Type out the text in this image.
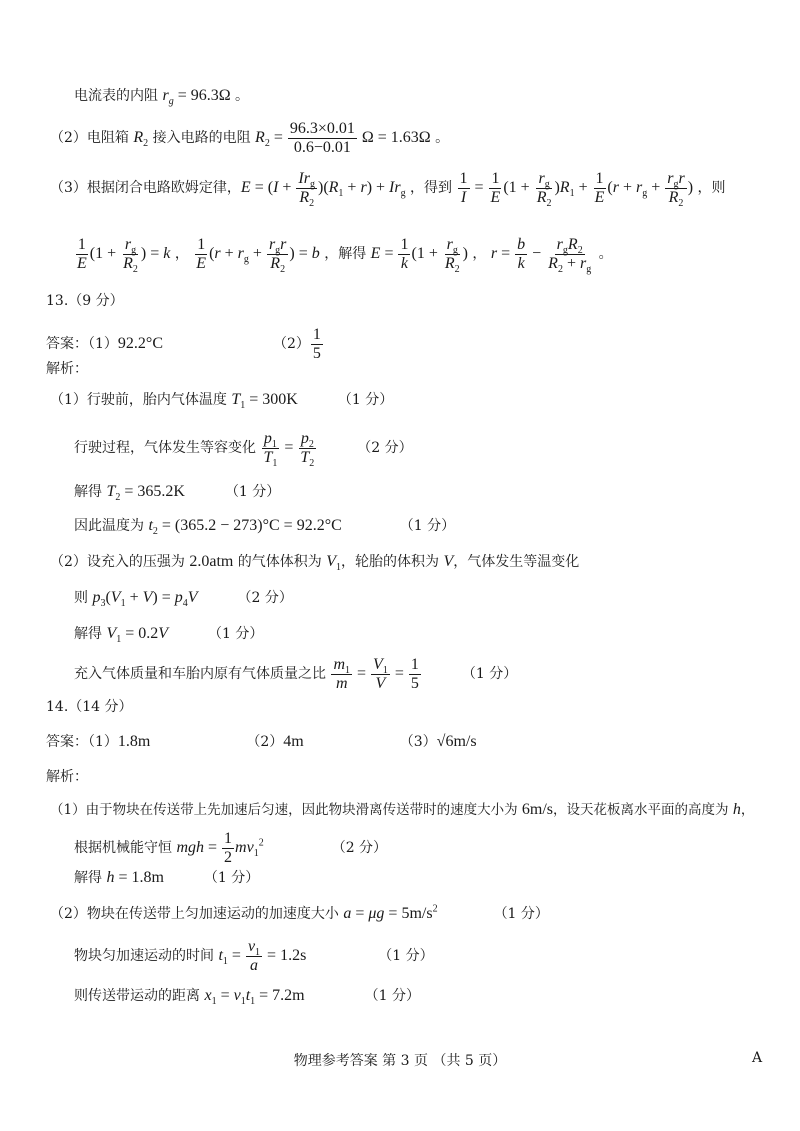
电流表的内阻 $r_g = 96.3\Omega$ 。
（2）电阻箱 $R_2$ 接入电路的电阻 $R_2 = \frac{96.3\times 0.01}{0.6-0.01}$ Ω = 1.63Ω 。
（3）根据闭合电路欧姆定律，$E = (I + \frac{Ir_g}{R_2} )(R_1 + r) + Ir_g$ ，得到 $\frac{1}{I} = \frac{1}{E} (1 + \frac{r_g}{R_2} )R_1 + \frac{1}{E} (r + r_g + \frac{r_gr}{R_2}$ ) ，则
$\frac{1}{E} (1 + \frac{r_g}{R_2}$ ) = k ， $\frac{1}{E} (r + r_g + \frac{r_gr}{R_2}$ ) = b ，解得 $E = \frac{1}{k} (1 + \frac{r_g}{R_2}$ ) ， $r = \frac{b}{k} - \frac{r_gR_2}{R_2 + r_g}$ 。
13.（9 分）
答案：（1）92.2°C	$(2) \frac{1}{5}$
解析：
（1）行驶前，胎内气体温度 $T_1 = 300K$	（1 分）
行驶过程，气体发生等容变化 $\frac{p_1}{T_1} = \frac{p_2}{T_2}$	（2 分）
解得 $T_2 = 365.2K$	（1 分）
因此温度为 $t_2 = (365.2 - 273)^\circ C = 92.2^\circ C$	（1 分）
（2）设充入的压强为 2.0atm 的气体体积为 $V_1$，轮胎的体积为 V，气体发生等温变化
则 $p_3(V_1 + V) = p_4V$	（2 分）
解得 $V_1 = 0.2V$	（1 分）
充入气体质量和车胎内原有气体质量之比 $\frac{m_1}{m} = \frac{V_1}{V} = \frac{1}{5}$	（1 分）
14.（14 分）
答案：（1）1.8m	（2）4m	（3）√6m/s
解析：
（1）由于物块在传送带上先加速后匀速，因此物块滑离传送带时的速度大小为 6m/s，设天花板离水平面的高度为 h，
根据机械能守恒 mgh = $\frac{1}{2} mv_1^2$	（2 分）
解得 h = 1.8m	（1 分）
（2）物块在传送带上匀加速运动的加速度大小 $a = \mu g = 5m/s^2$	（1 分）
物块匀加速运动的时间 $t_1 = \frac{v_1}{a} = 1.2s$	（1 分）
则传送带运动的距离 $x_1 = v_1t_1 = 7.2m$	（1 分）
物理参考答案 第 3 页 （共 5 页）	A
